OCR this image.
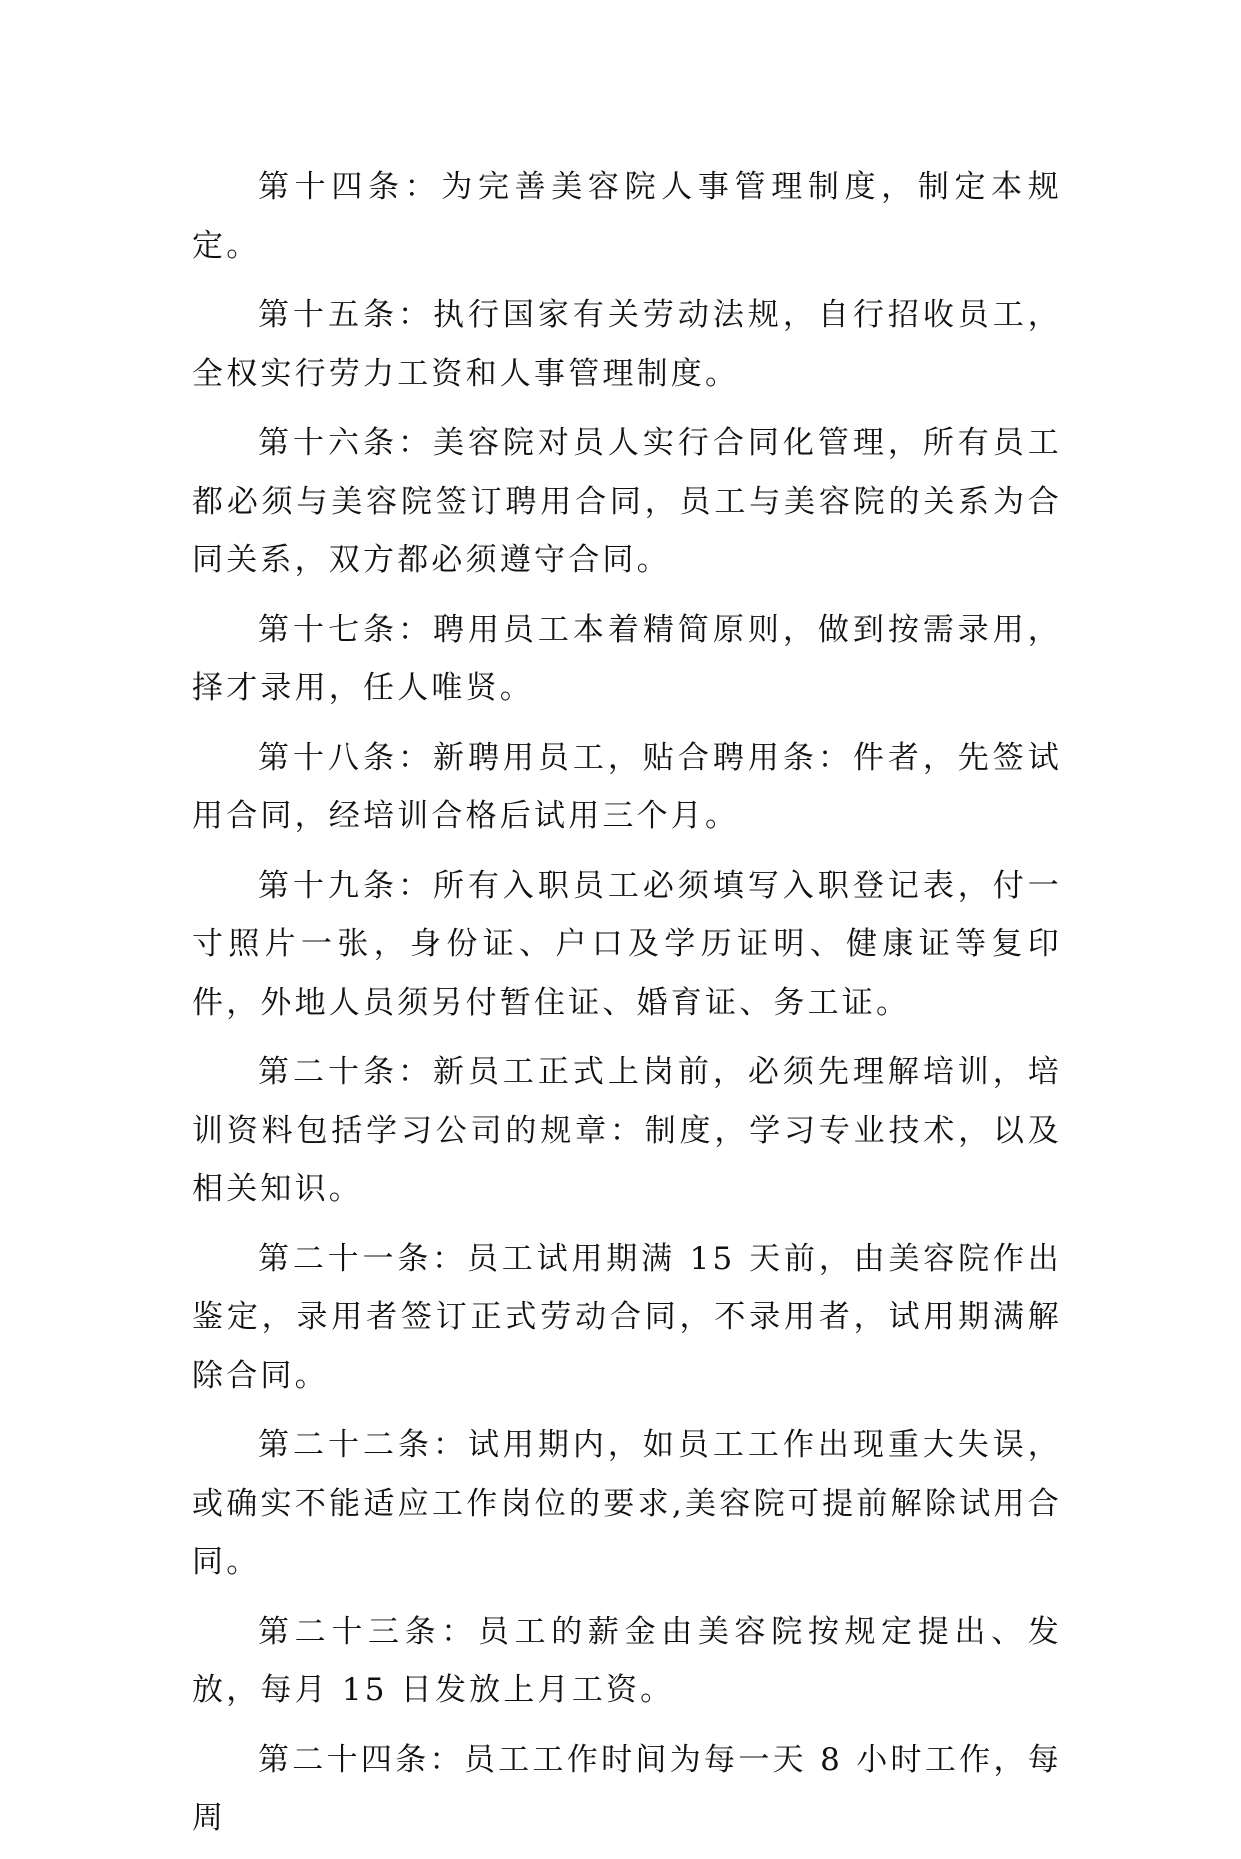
第十四条：为完善美容院人事管理制度，制定本规定。

第十五条：执行国家有关劳动法规，自行招收员工，全权实行劳力工资和人事管理制度。

第十六条：美容院对员人实行合同化管理，所有员工都必须与美容院签订聘用合同，员工与美容院的关系为合同关系，双方都必须遵守合同。

第十七条：聘用员工本着精简原则，做到按需录用，择才录用，任人唯贤。

第十八条：新聘用员工，贴合聘用条：件者，先签试用合同，经培训合格后试用三个月。

第十九条：所有入职员工必须填写入职登记表，付一寸照片一张，身份证、户口及学历证明、健康证等复印件，外地人员须另付暂住证、婚育证、务工证。

第二十条：新员工正式上岗前，必须先理解培训，培训资料包括学习公司的规章：制度，学习专业技术，以及相关知识。

第二十一条：员工试用期满 15 天前，由美容院作出鉴定，录用者签订正式劳动合同，不录用者，试用期满解除合同。

第二十二条：试用期内，如员工工作出现重大失误，或确实不能适应工作岗位的要求,美容院可提前解除试用合同。

第二十三条：员工的薪金由美容院按规定提出、发放，每月 15 日发放上月工资。

第二十四条：员工工作时间为每一天 8 小时工作，每周
